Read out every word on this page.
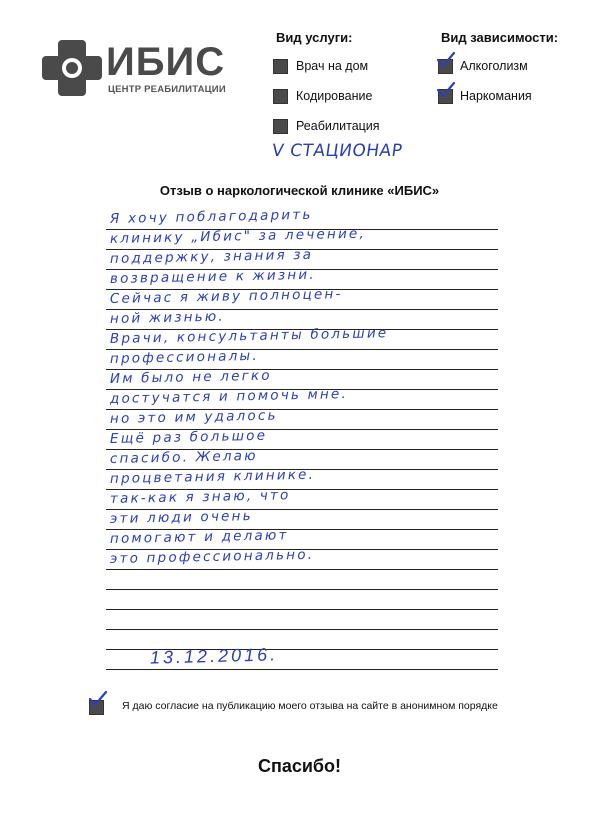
ИБИС
ЦЕНТР РЕАБИЛИТАЦИИ
Вид услуги:
Врач на дом
Кодирование
Реабилитация
V СТАЦИОНАР
Вид зависимости:
Алкоголизм
Наркомания
Отзыв о наркологической клинике «ИБИС»
Я хочу поблагодарить
клинику „Ибис" за лечение,
поддержку, знания за
возвращение к жизни.
Сейчас я живу полноцен-
ной жизнью.
Врачи, консультанты большие
профессионалы.
Им было не легко
достучатся и помочь мне.
но это им удалось
Ещё раз большое
спасибо. Желаю
процветания клинике.
так-как я знаю, что
эти люди очень
помогают и делают
это профессионально.
13.12.2016.
Я даю согласие на публикацию моего отзыва на сайте в анонимном порядке
Спасибо!
